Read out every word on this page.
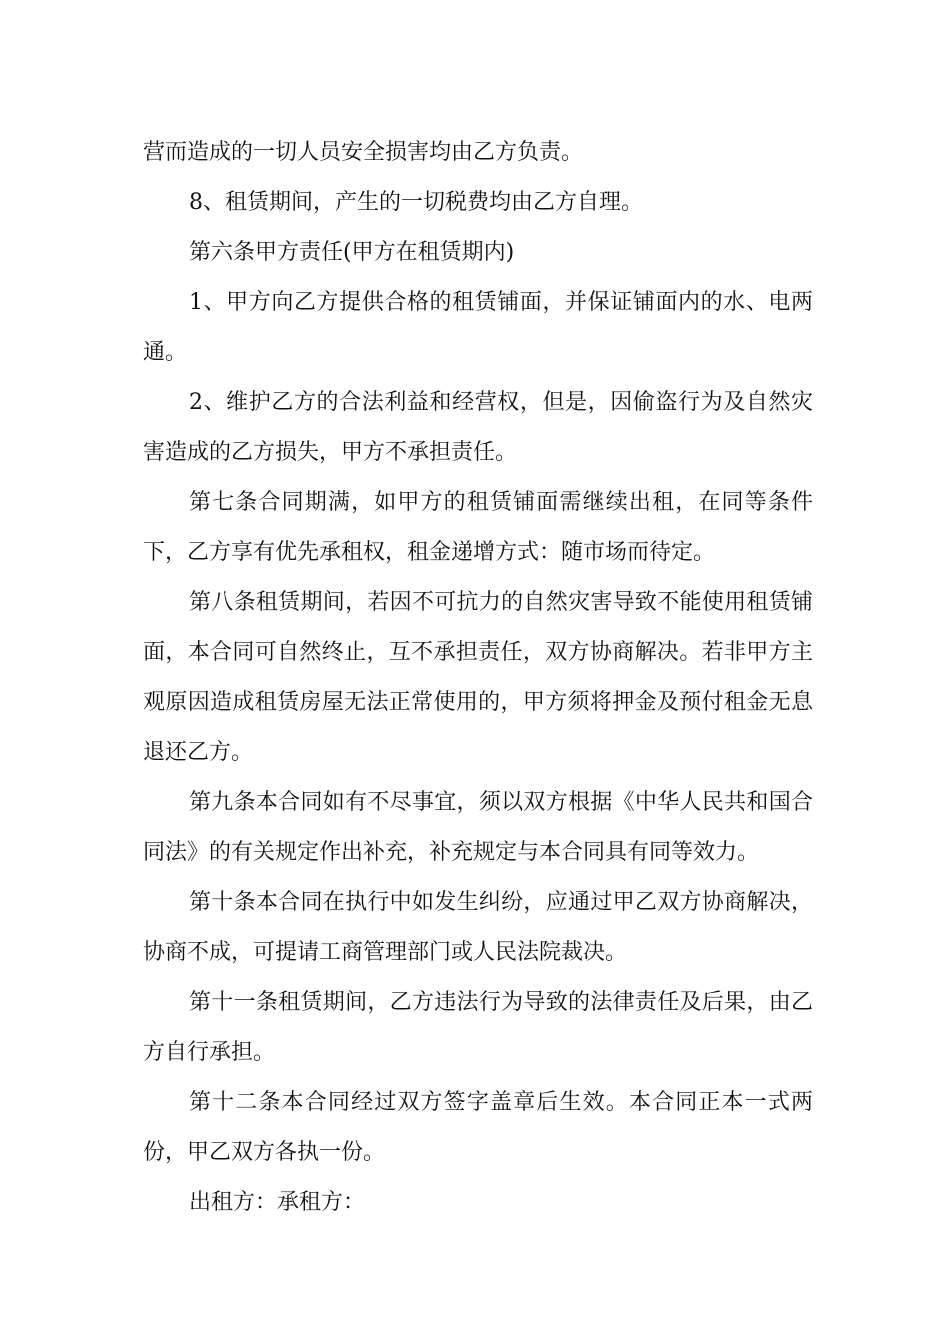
营而造成的一切人员安全损害均由乙方负责。

8、租赁期间，产生的一切税费均由乙方自理。

第六条甲方责任(甲方在租赁期内)

1、甲方向乙方提供合格的租赁铺面，并保证铺面内的水、电两通。

2、维护乙方的合法利益和经营权，但是，因偷盗行为及自然灾害造成的乙方损失，甲方不承担责任。

第七条合同期满，如甲方的租赁铺面需继续出租，在同等条件下，乙方享有优先承租权，租金递增方式：随市场而待定。

第八条租赁期间，若因不可抗力的自然灾害导致不能使用租赁铺面，本合同可自然终止，互不承担责任，双方协商解决。若非甲方主观原因造成租赁房屋无法正常使用的，甲方须将押金及预付租金无息退还乙方。

第九条本合同如有不尽事宜，须以双方根据《中华人民共和国合同法》的有关规定作出补充，补充规定与本合同具有同等效力。

第十条本合同在执行中如发生纠纷，应通过甲乙双方协商解决，协商不成，可提请工商管理部门或人民法院裁决。

第十一条租赁期间，乙方违法行为导致的法律责任及后果，由乙方自行承担。

第十二条本合同经过双方签字盖章后生效。本合同正本一式两份，甲乙双方各执一份。

出租方：承租方：
